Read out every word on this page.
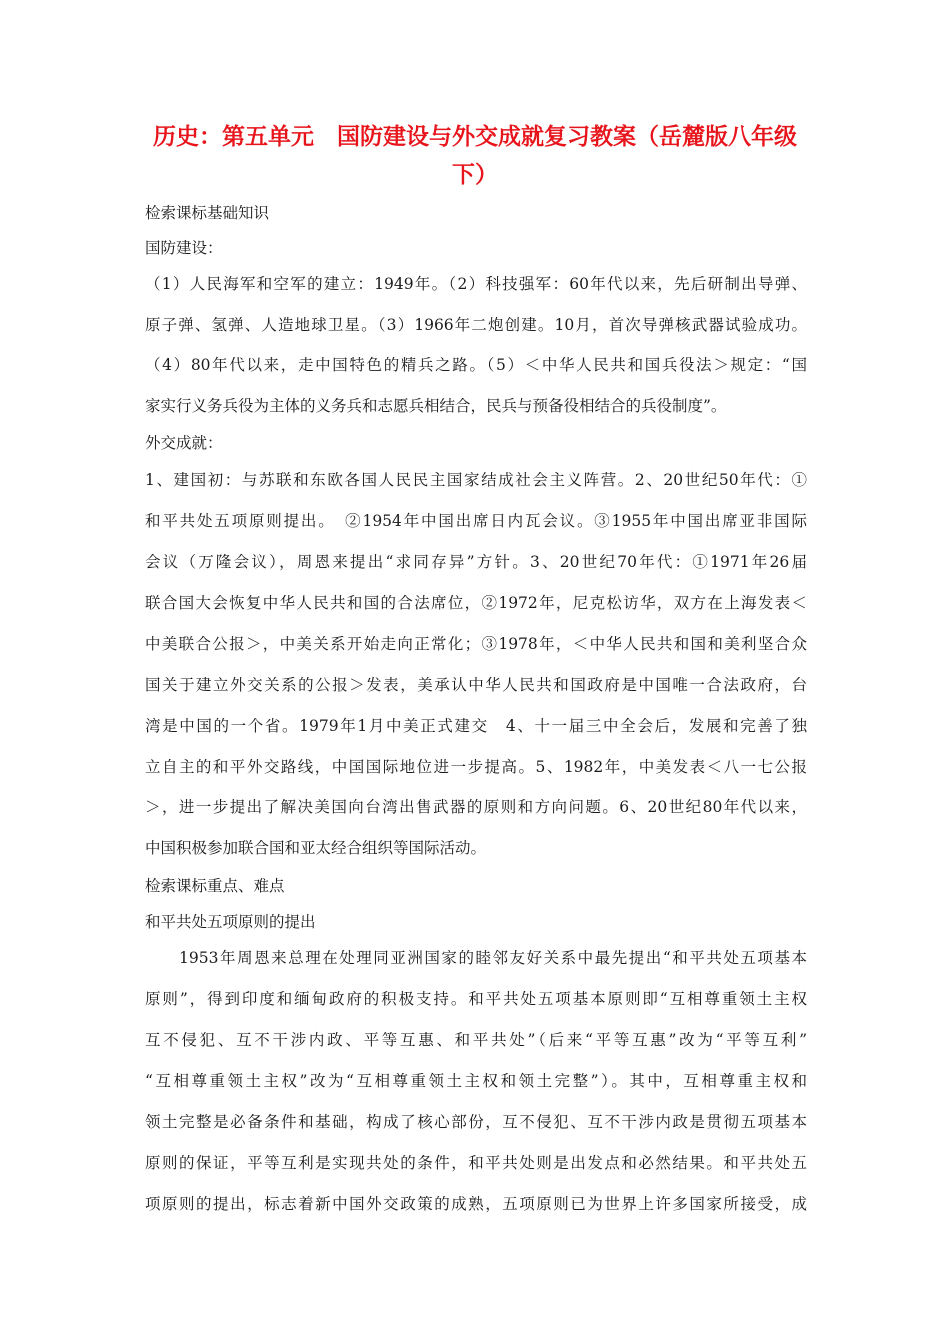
历史：第五单元　国防建设与外交成就复习教案（岳麓版八年级下）
检索课标基础知识
国防建设：
（1）人民海军和空军的建立：1949年。（2）科技强军：60年代以来，先后研制出导弹、
原子弹、氢弹、人造地球卫星。（3）1966年二炮创建。10月，首次导弹核武器试验成功。
（4）80年代以来，走中国特色的精兵之路。（5）＜中华人民共和国兵役法＞规定：“国
家实行义务兵役为主体的义务兵和志愿兵相结合，民兵与预备役相结合的兵役制度”。
外交成就：
1、建国初：与苏联和东欧各国人民民主国家结成社会主义阵营。2、20世纪50年代：①
和平共处五项原则提出。　②1954年中国出席日内瓦会议。③1955年中国出席亚非国际
会议（万隆会议），周恩来提出“求同存异”方针。3、20世纪70年代：①1971年26届
联合国大会恢复中华人民共和国的合法席位，②1972年，尼克松访华，双方在上海发表＜
中美联合公报＞，中美关系开始走向正常化；③1978年，＜中华人民共和国和美利坚合众
国关于建立外交关系的公报＞发表，美承认中华人民共和国政府是中国唯一合法政府，台
湾是中国的一个省。1979年1月中美正式建交　4、十一届三中全会后，发展和完善了独
立自主的和平外交路线，中国国际地位进一步提高。5、1982年，中美发表＜八一七公报
＞，进一步提出了解决美国向台湾出售武器的原则和方向问题。6、20世纪80年代以来，
中国积极参加联合国和亚太经合组织等国际活动。
检索课标重点、难点
和平共处五项原则的提出
　　1953年周恩来总理在处理同亚洲国家的睦邻友好关系中最先提出“和平共处五项基本
原则”，得到印度和缅甸政府的积极支持。和平共处五项基本原则即“互相尊重领土主权
互不侵犯、互不干涉内政、平等互惠、和平共处”（后来“平等互惠”改为“平等互利”
“互相尊重领土主权”改为“互相尊重领土主权和领土完整”）。其中，互相尊重主权和
领土完整是必备条件和基础，构成了核心部份，互不侵犯、互不干涉内政是贯彻五项基本
原则的保证，平等互利是实现共处的条件，和平共处则是出发点和必然结果。和平共处五
项原则的提出，标志着新中国外交政策的成熟，五项原则已为世界上许多国家所接受，成
